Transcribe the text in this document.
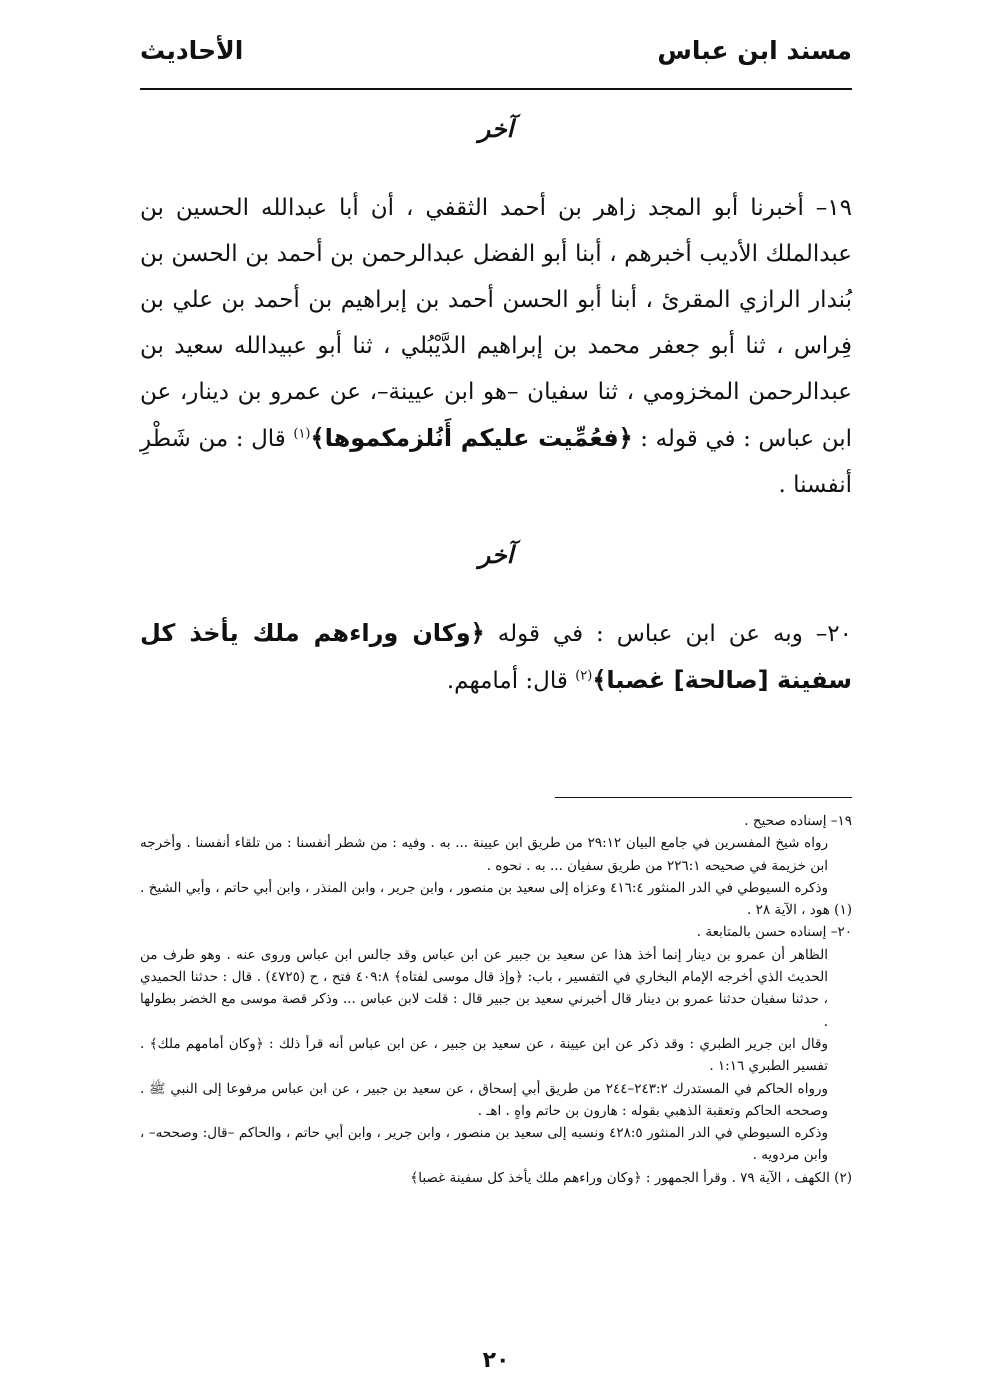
مسند ابن عباس
الأحاديث
آخر
١٩– أخبرنا أبو المجد زاهر بن أحمد الثقفي ، أن أبا عبدالله الحسين بن عبدالملك الأديب أخبرهم ، أبنا أبو الفضل عبدالرحمن بن أحمد بن الحسن بن بُندار الرازي المقرئ ، أبنا أبو الحسن أحمد بن إبراهيم بن أحمد بن علي بن فِراس ، ثنا أبو جعفر محمد بن إبراهيم الدَّيْبُلي ، ثنا أبو عبيدالله سعيد بن عبدالرحمن المخزومي ، ثنا سفيان –هو ابن عيينة–، عن عمرو بن دينار، عن ابن عباس : في قوله : ﴿فعُمِّيت عليكم أَنُلزمكموها﴾$^{(١)}$ قال : من شَطْرِ أنفسنا .
آخر
٢٠– وبه عن ابن عباس : في قوله ﴿وكان وراءهم ملك يأخذ كل سفينة [صالحة] غصبا﴾$^{(٢)}$ قال: أمامهم.

١٩– إسناده صحيح .

رواه شيخ المفسرين في جامع البيان ٢٩:١٢ من طريق ابن عيينة ... به . وفيه : من شطر أنفسنا : من تلقاء أنفسنا . وأخرجه ابن خزيمة في صحيحه ٢٢٦:١ من طريق سفيان ... به . نحوه .

وذكره السيوطي في الدر المنثور ٤١٦:٤ وعزاه إلى سعيد بن منصور ، وابن جرير ، وابن المنذر ، وابن أبي حاتم ، وأبي الشيخ .

(١) هود ، الآية ٢٨ .

٢٠– إسناده حسن بالمتابعة .

الظاهر أن عمرو بن دينار إنما أخذ هذا عن سعيد بن جبير عن ابن عباس وقد جالس ابن عباس وروى عنه . وهو طرف من الحديث الذي أخرجه الإمام البخاري في التفسير ، باب: ﴿وإذ قال موسى لفتاه﴾ ٤٠٩:٨ فتح ، ح (٤٧٢٥) . قال : حدثنا الحميدي ، حدثنا سفيان حدثنا عمرو بن دينار قال أخبرني سعيد بن جبير قال : قلت لابن عباس ... وذكر قصة موسى مع الخضر بطولها .

وقال ابن جرير الطبري : وقد ذكر عن ابن عيينة ، عن سعيد بن جبير ، عن ابن عباس أنه قرأ ذلك : ﴿وكان أمامهم ملك﴾ . تفسير الطبري ١:١٦ .

ورواه الحاكم في المستدرك ٢٤٣:٢–٢٤٤ من طريق أبي إسحاق ، عن سعيد بن جبير ، عن ابن عباس مرفوعا إلى النبي ﷺ . وصححه الحاكم وتعقبة الذهبي بقوله : هارون بن حاتم واهٍ . اهـ .

وذكره السيوطي في الدر المنثور ٤٢٨:٥ ونسبه إلى سعيد بن منصور ، وابن جرير ، وابن أبي حاتم ، والحاكم –قال: وصححه– ، وابن مردويه .

(٢) الكهف ، الآية ٧٩ . وقرأ الجمهور : ﴿وكان وراءهم ملك يأخذ كل سفينة غصبا﴾

٢٠
